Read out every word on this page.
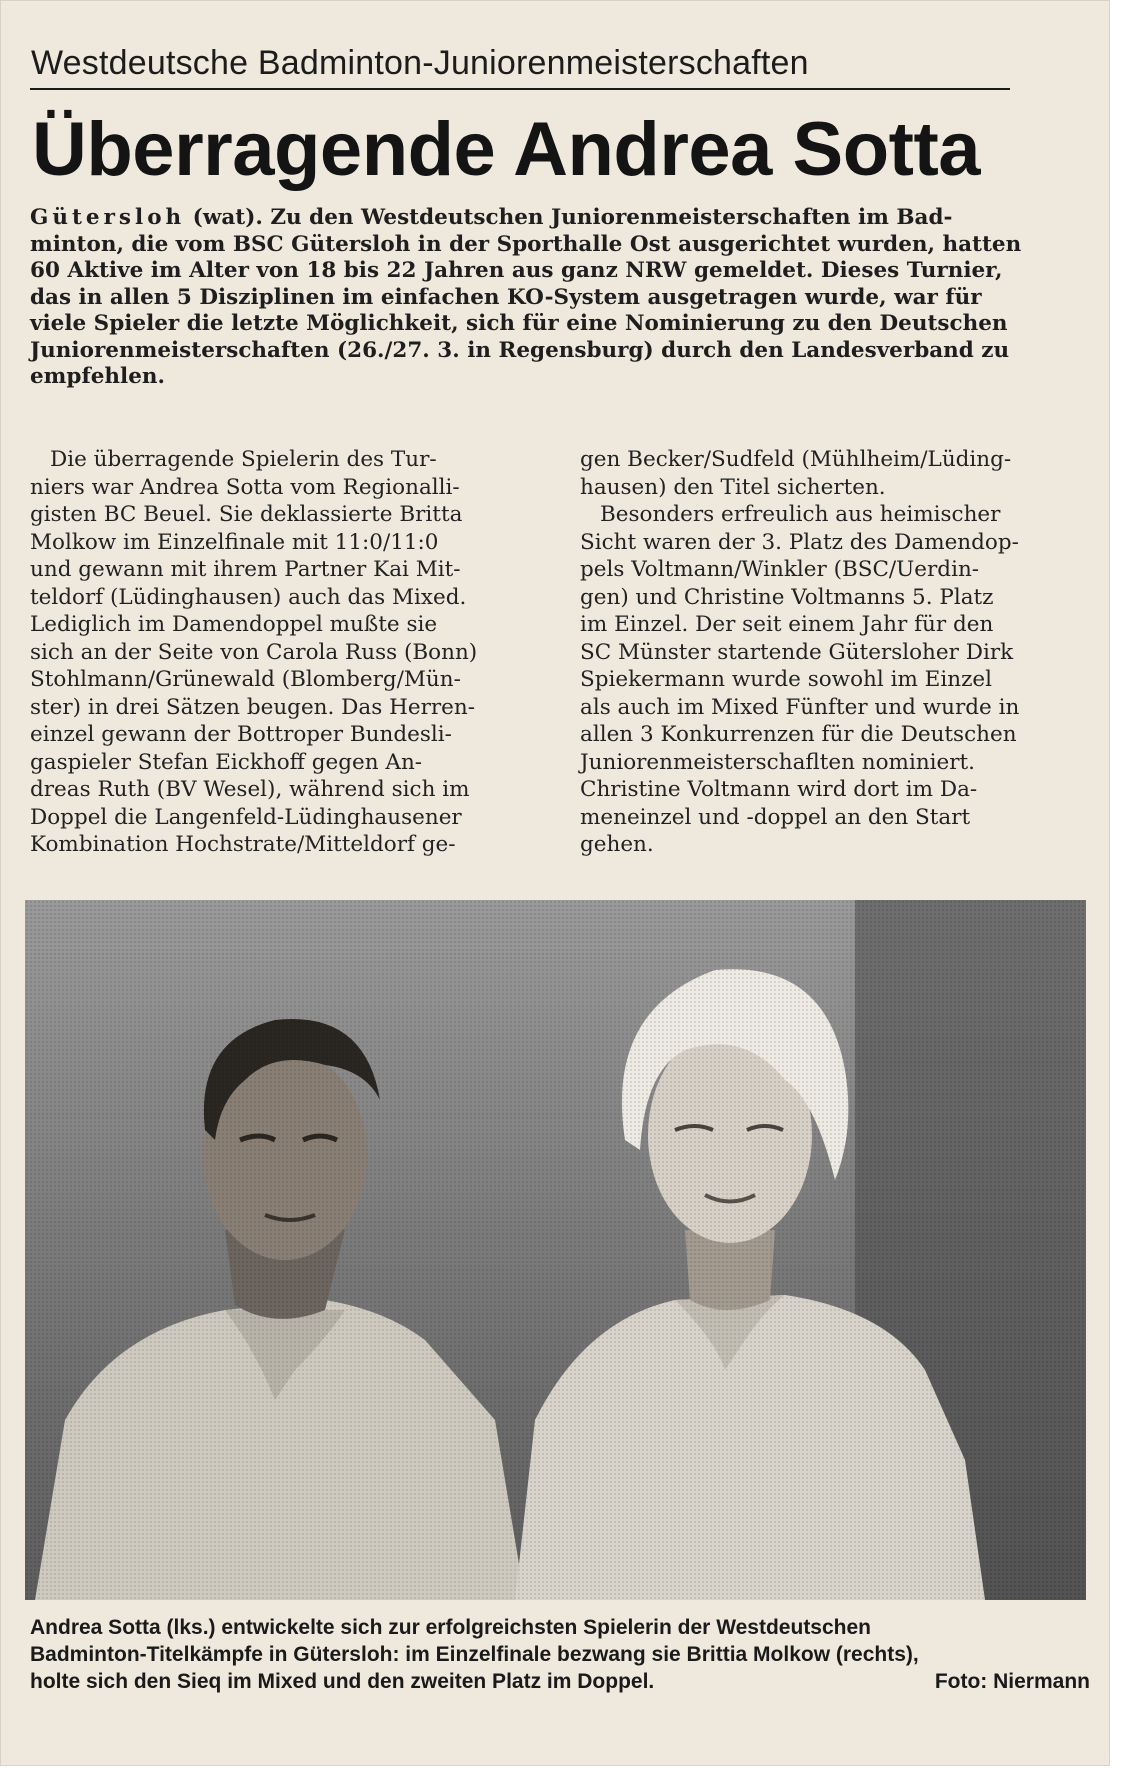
Westdeutsche Badminton-Juniorenmeisterschaften
Überragende Andrea Sotta
Gütersloh (wat). Zu den Westdeutschen Juniorenmeisterschaften im Bad-
minton, die vom BSC Gütersloh in der Sporthalle Ost ausgerichtet wurden, hatten
60 Aktive im Alter von 18 bis 22 Jahren aus ganz NRW gemeldet. Dieses Turnier,
das in allen 5 Disziplinen im einfachen KO-System ausgetragen wurde, war für
viele Spieler die letzte Möglichkeit, sich für eine Nominierung zu den Deutschen
Juniorenmeisterschaften (26./27. 3. in Regensburg) durch den Landesverband zu
empfehlen.
Die überragende Spielerin des Tur-
niers war Andrea Sotta vom Regionalli-
gisten BC Beuel. Sie deklassierte Britta
Molkow im Einzelfinale mit 11:0/11:0
und gewann mit ihrem Partner Kai Mit-
teldorf (Lüdinghausen) auch das Mixed.
Lediglich im Damendoppel mußte sie
sich an der Seite von Carola Russ (Bonn)
Stohlmann/Grünewald (Blomberg/Mün-
ster) in drei Sätzen beugen. Das Herren-
einzel gewann der Bottroper Bundesli-
gaspieler Stefan Eickhoff gegen An-
dreas Ruth (BV Wesel), während sich im
Doppel die Langenfeld-Lüdinghausener
Kombination Hochstrate/Mitteldorf ge-
gen Becker/Sudfeld (Mühlheim/Lüding-
hausen) den Titel sicherten.
Besonders erfreulich aus heimischer
Sicht waren der 3. Platz des Damendop-
pels Voltmann/Winkler (BSC/Uerdin-
gen) und Christine Voltmanns 5. Platz
im Einzel. Der seit einem Jahr für den
SC Münster startende Gütersloher Dirk
Spiekermann wurde sowohl im Einzel
als auch im Mixed Fünfter und wurde in
allen 3 Konkurrenzen für die Deutschen
Juniorenmeisterschaflten nominiert.
Christine Voltmann wird dort im Da-
meneinzel und -doppel an den Start
gehen.
Andrea Sotta (lks.) entwickelte sich zur erfolgreichsten Spielerin der Westdeutschen
Badminton-Titelkämpfe in Gütersloh: im Einzelfinale bezwang sie Brittia Molkow (rechts),
holte sich den Sieq im Mixed und den zweiten Platz im Doppel.	Foto: Niermann
